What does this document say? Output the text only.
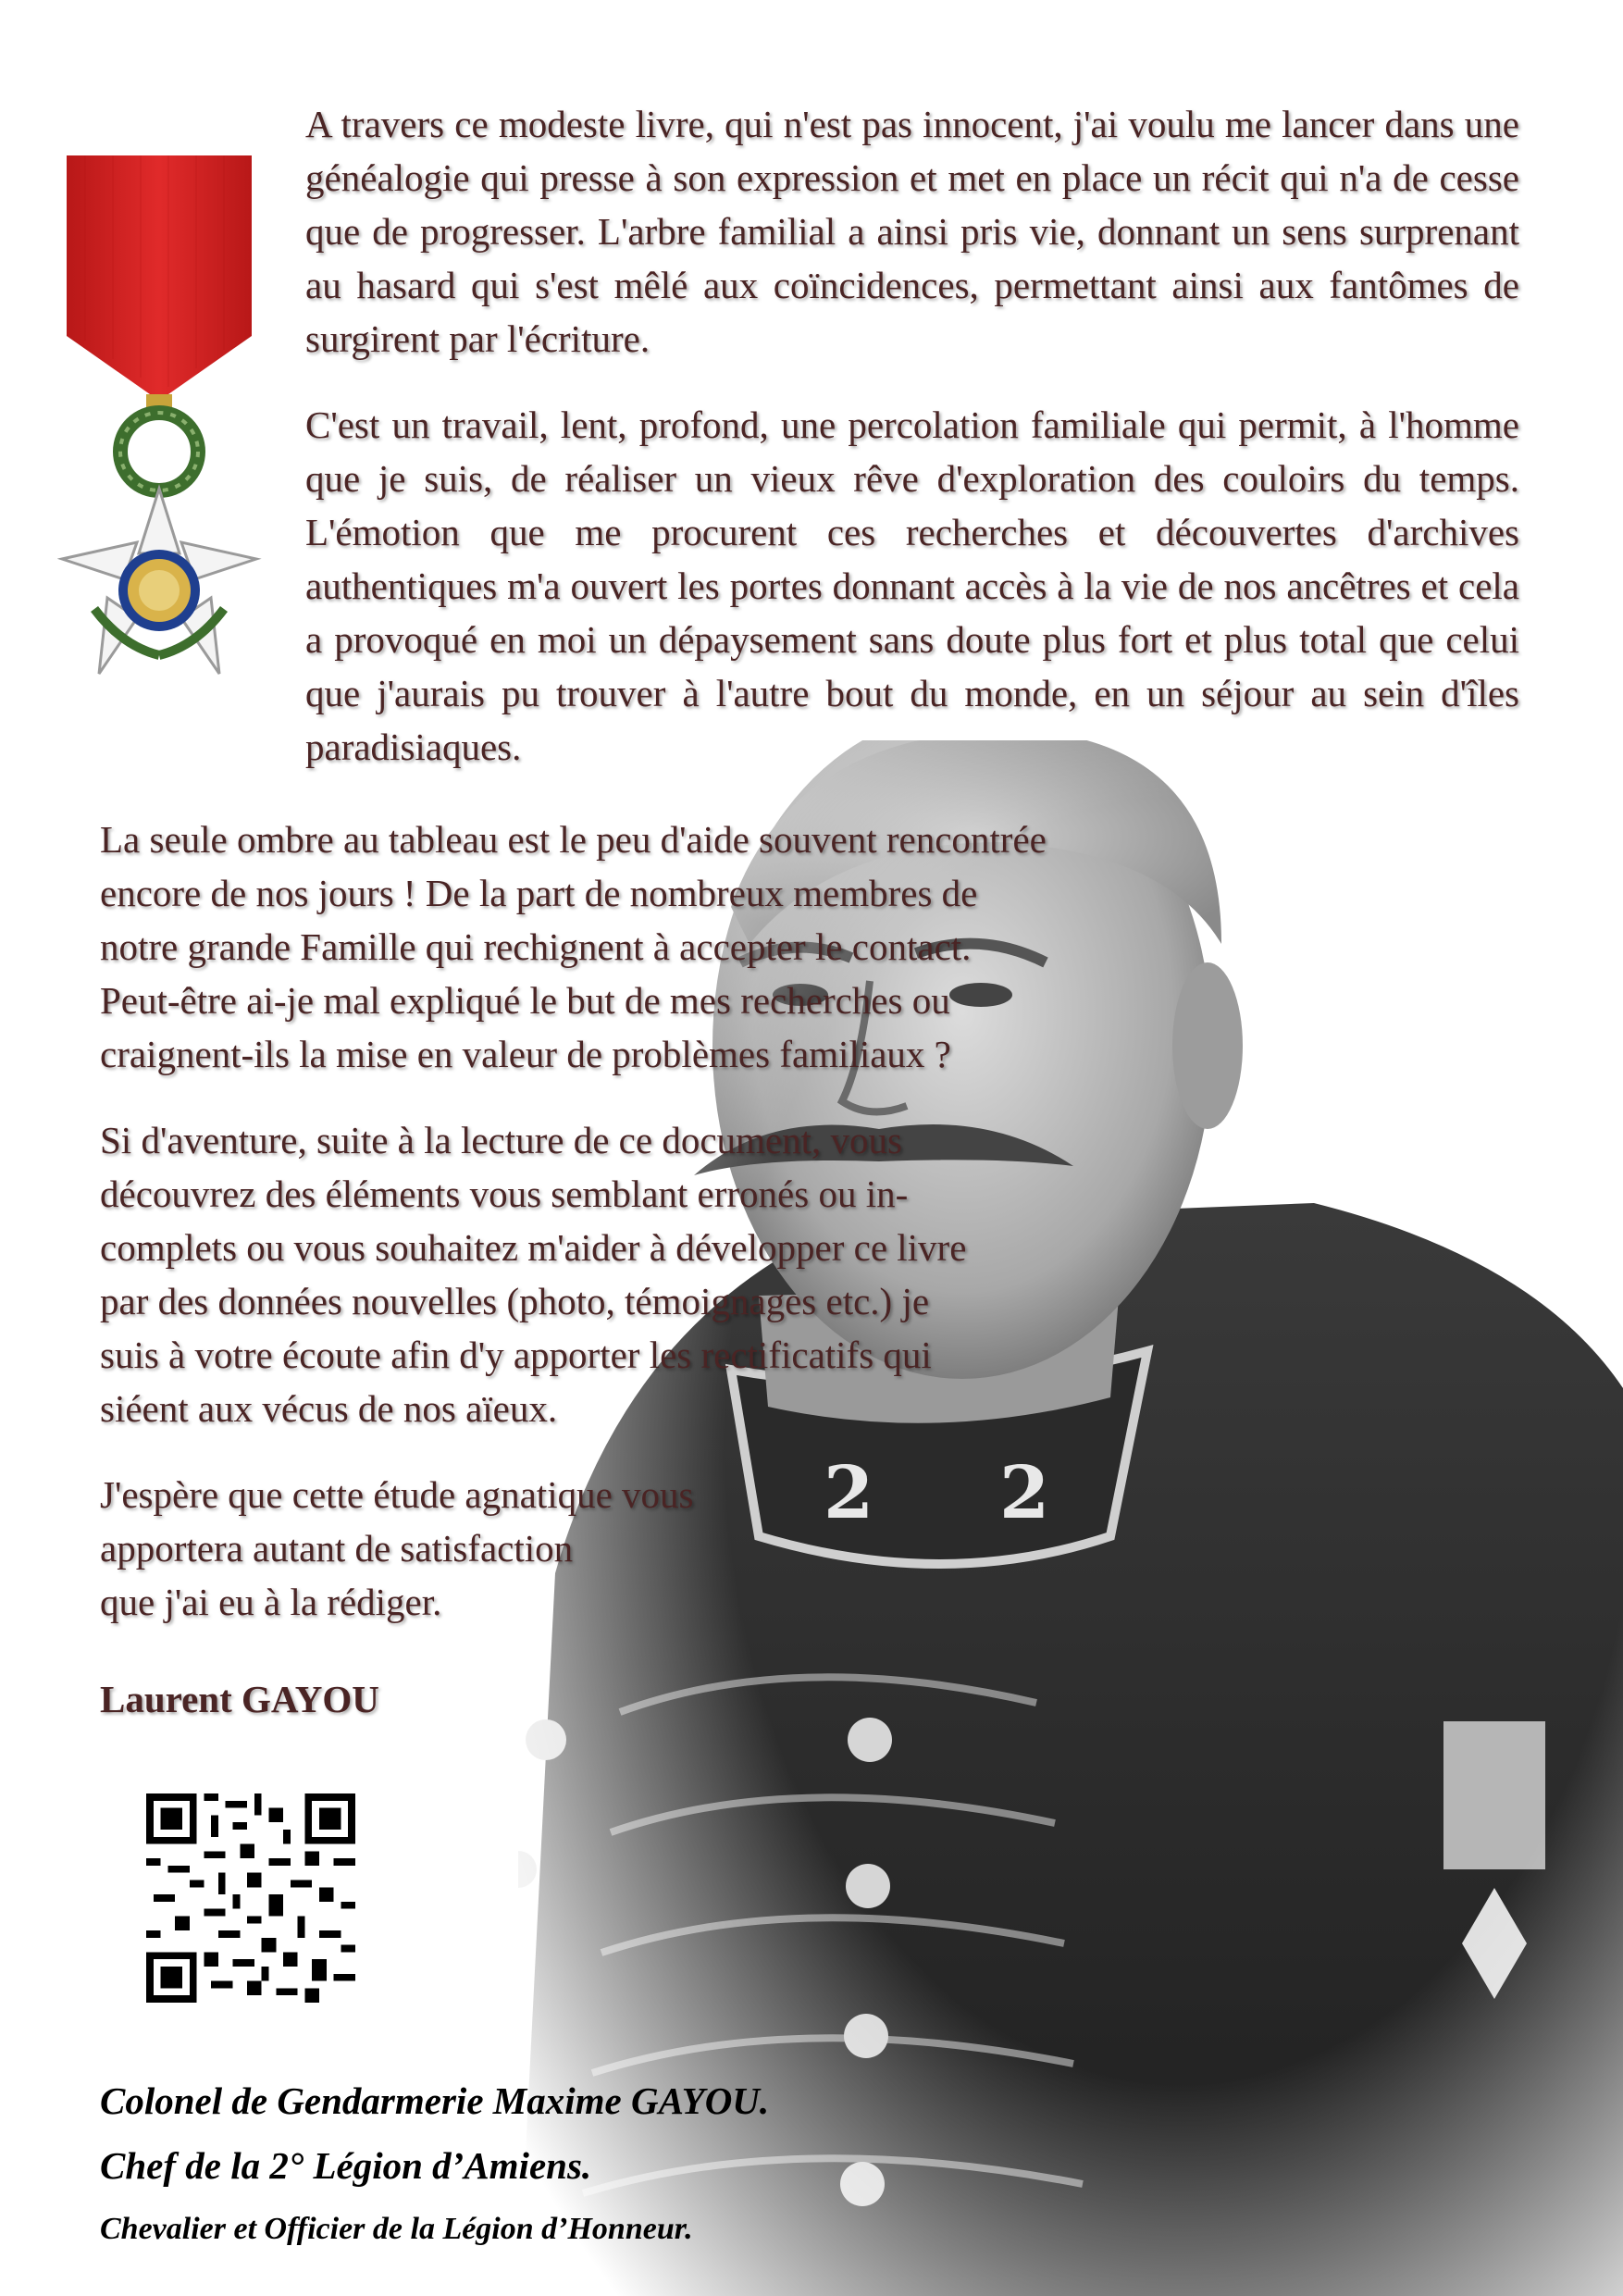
A travers ce modeste livre, qui n'est pas innocent, j'ai voulu me lancer dans une généalogie qui presse à son expression et met en place un récit qui n'a de cesse que de progresser. L'arbre familial a ainsi pris vie, donnant un sens surprenant au hasard qui s'est mêlé aux coïncidences, permettant ainsi aux fantômes de surgirent par l'écriture.

C'est un travail, lent, profond, une percolation familiale qui permit, à l'homme que je suis, de réaliser un vieux rêve d'exploration des couloirs du temps. L'émotion que me procurent ces recherches et découvertes d'archives authentiques m'a ouvert les portes donnant accès à la vie de nos ancêtres et cela a provoqué en moi un dépaysement sans doute plus fort et plus total que celui que j'aurais pu trouver à l'autre bout du monde, en un séjour au sein d'îles paradisiaques.

La seule ombre au tableau est le peu d'aide souvent rencontrée
encore de nos jours ! De la part de nombreux membres de
notre grande Famille qui rechignent à accepter le contact.
Peut-être ai-je mal expliqué le but de mes recherches ou
craignent-ils la mise en valeur de problèmes familiaux ?

Si d'aventure, suite à la lecture de ce document, vous
découvrez des éléments vous semblant erronés ou in-
complets ou vous souhaitez m'aider à développer ce livre
par des données nouvelles (photo, témoignages etc.) je
suis à votre écoute afin d'y apporter les rectificatifs qui
siéent aux vécus de nos aïeux.

J'espère que cette étude agnatique vous
apportera autant de satisfaction
que j'ai eu à la rédiger.

Laurent GAYOU
Colonel de Gendarmerie Maxime GAYOU.
Chef de la 2° Légion d’Amiens.
Chevalier et Officier de la Légion d’Honneur.
